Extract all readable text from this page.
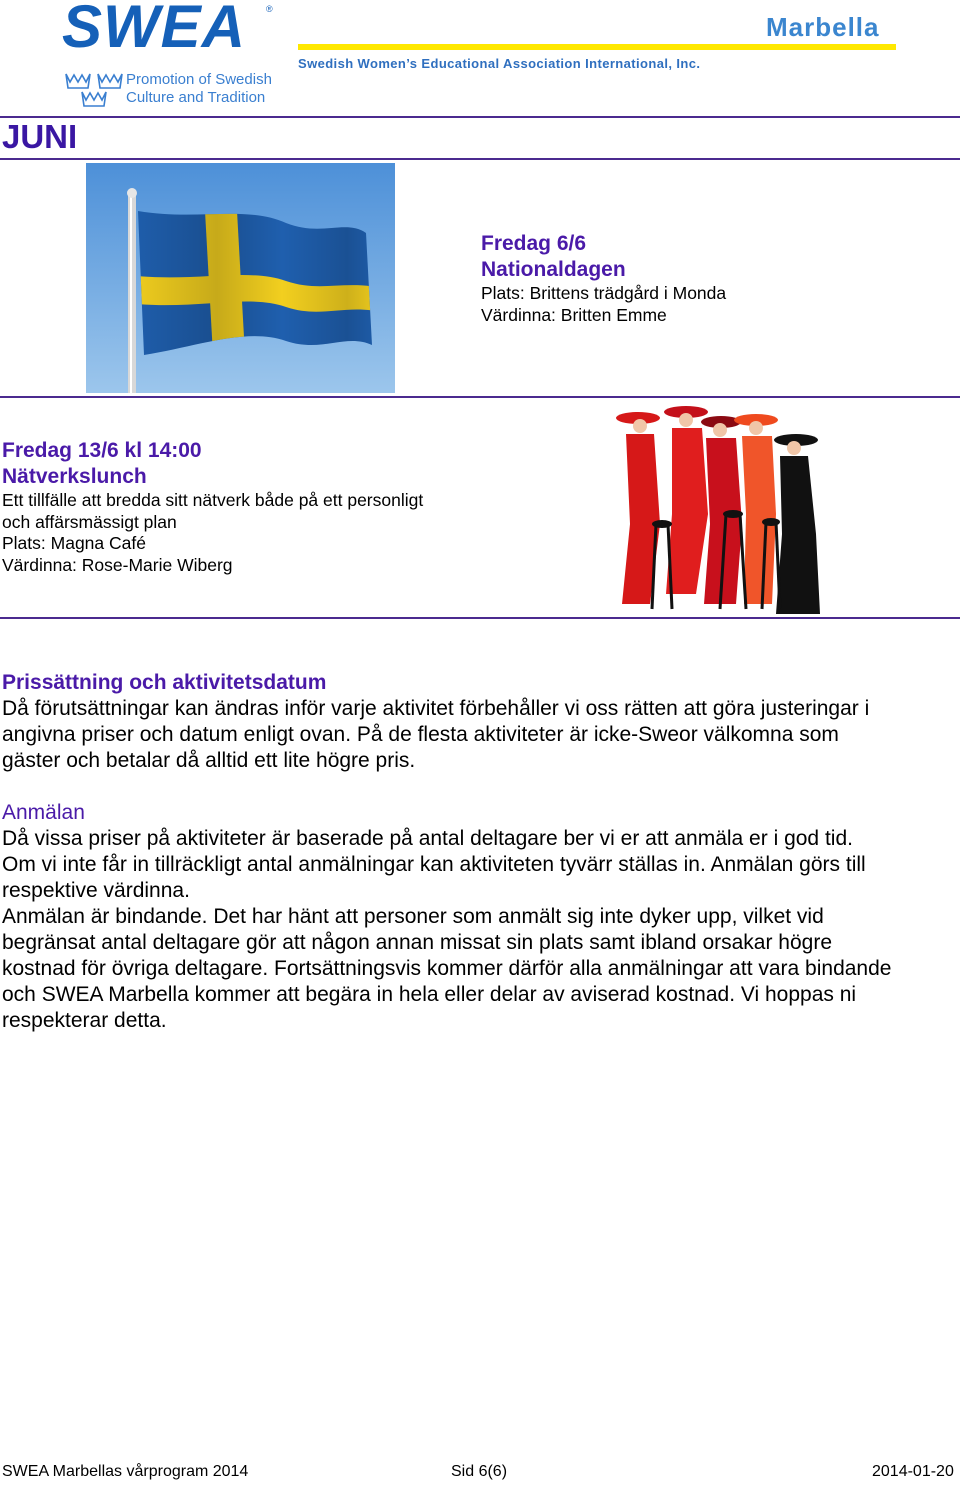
SWEA ®
Promotion of Swedish
Culture and Tradition
Marbella
Swedish Women’s Educational Association International, Inc.
JUNI
Fredag 6/6
Nationaldagen
Plats: Brittens trädgård i Monda
Värdinna: Britten Emme
Fredag 13/6 kl 14:00
Nätverkslunch
Ett tillfälle att bredda sitt nätverk både på ett personligt
och affärsmässigt plan
Plats: Magna Café
Värdinna: Rose-Marie Wiberg
Prissättning och aktivitetsdatum
Då förutsättningar kan ändras inför varje aktivitet förbehåller vi oss rätten att göra justeringar i
angivna priser och datum enligt ovan. På de flesta aktiviteter är icke-Sweor välkomna som
gäster och betalar då alltid ett lite högre pris.
Anmälan
Då vissa priser på aktiviteter är baserade på antal deltagare ber vi er att anmäla er i god tid.
Om vi inte får in tillräckligt antal anmälningar kan aktiviteten tyvärr ställas in. Anmälan görs till
respektive värdinna.
Anmälan är bindande. Det har hänt att personer som anmält sig inte dyker upp, vilket vid
begränsat antal deltagare gör att någon annan missat sin plats samt ibland orsakar högre
kostnad för övriga deltagare. Fortsättningsvis kommer därför alla anmälningar att vara bindande
och SWEA Marbella kommer att begära in hela eller delar av aviserad kostnad. Vi hoppas ni
respekterar detta.
SWEA Marbellas vårprogram 2014	Sid 6(6)	2014-01-20
